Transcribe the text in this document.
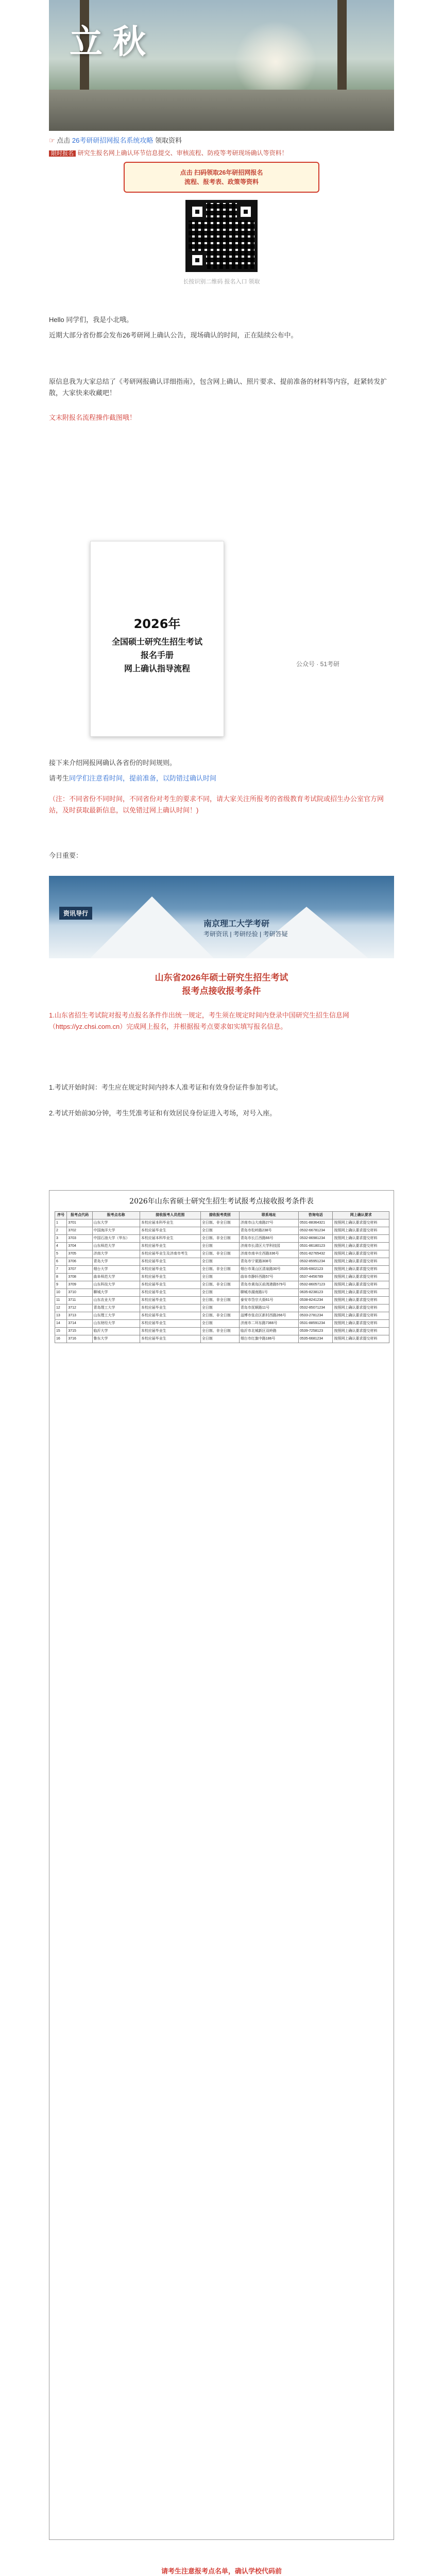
立秋
☞ 点击 26考研研招网报名系统攻略 领取资料
限时报名 研究生报名网上确认环节信息提交、审核流程、防疫等考研现场确认等资料！
点击 扫码领取26年研招网报名
流程、报考表、政策等资料
长按识别二维码 报名入口 领取
Hello 同学们，我是小北哦。
近期大部分省份都会发布26考研网上确认公告，现场确认的时间，正在陆续公布中。
原信息我为大家总结了《考研网报确认详细指南》，包含网上确认、照片要求、提前准备的材料等内容，赶紧转发扩散，大家快来收藏吧！
文末附报名流程操作截图哦！
2026年
全国硕士研究生招生考试
报名手册
网上确认指导流程	公众号 · 51考研
接下来介绍网报网确认各省份的时间规则。
请考生同学们注意看时间，提前准备，以防错过确认时间
（注：不同省份不同时间，不同省份对考生的要求不同，请大家关注所报考的省级教育考试院或招生办公室官方网站，及时获取最新信息，以免错过网上确认时间！)
今日重要：
资讯导行
南京理工大学考研
考研资讯 | 考研经验 | 考研答疑
山东省2026年硕士研究生招生考试
报考点接收报考条件
1.山东省招生考试院对报考点报名条件作出统一规定，考生须在规定时间内登录中国研究生招生信息网（https://yz.chsi.com.cn）完成网上报名，并根据报考点要求如实填写报名信息。
1.考试开始时间：考生应在规定时间内持本人准考证和有效身份证件参加考试。
2.考试开始前30分钟，考生凭准考证和有效居民身份证进入考场，对号入座。
2026年山东省硕士研究生招生考试报考点接收报考条件表
序号	报考点代码	报考点名称	接收报考人员范围	接收报考类别	联系地址	咨询电话	网上确认要求
1	3701	山东大学	本校应届本科毕业生	全日制、非全日制	济南市山大南路27号	0531-88364321	按照网上确认要求提交材料
2	3702	中国海洋大学	本校应届毕业生	全日制	青岛市松岭路238号	0532-66781234	按照网上确认要求提交材料
3	3703	中国石油大学（华东）	本校应届本科毕业生	全日制、非全日制	青岛市长江西路66号	0532-86981234	按照网上确认要求提交材料
4	3704	山东师范大学	本校应届毕业生	全日制	济南市长清区大学科技园	0531-86180123	按照网上确认要求提交材料
5	3705	济南大学	本校应届毕业生及济南市考生	全日制、非全日制	济南市南辛庄西路336号	0531-82765432	按照网上确认要求提交材料
6	3706	青岛大学	本校应届毕业生	全日制	青岛市宁夏路308号	0532-85951234	按照网上确认要求提交材料
7	3707	烟台大学	本校应届毕业生	全日制、非全日制	烟台市莱山区清泉路30号	0535-6902123	按照网上确认要求提交材料
8	3708	曲阜师范大学	本校应届毕业生	全日制	曲阜市静轩西路57号	0537-4456789	按照网上确认要求提交材料
9	3709	山东科技大学	本校应届毕业生	全日制、非全日制	青岛市黄岛区前湾港路579号	0532-86057123	按照网上确认要求提交材料
10	3710	聊城大学	本校应届毕业生	全日制	聊城市湖南路1号	0635-8238123	按照网上确认要求提交材料
11	3711	山东农业大学	本校应届毕业生	全日制、非全日制	泰安市岱宗大街61号	0538-8241234	按照网上确认要求提交材料
12	3712	青岛理工大学	本校应届毕业生	全日制	青岛市抚顺路11号	0532-85071234	按照网上确认要求提交材料
13	3713	山东理工大学	本校应届毕业生	全日制、非全日制	淄博市张店区新村西路266号	0533-2781234	按照网上确认要求提交材料
14	3714	山东财经大学	本校应届毕业生	全日制	济南市二环东路7366号	0531-88591234	按照网上确认要求提交材料
15	3715	临沂大学	本校应届毕业生	全日制、非全日制	临沂市北城新区双岭路	0539-7258123	按照网上确认要求提交材料
16	3716	鲁东大学	本校应届毕业生	全日制	烟台市红旗中路186号	0535-6681234	按照网上确认要求提交材料
请考生注意报考点名单，确认学校代码前
